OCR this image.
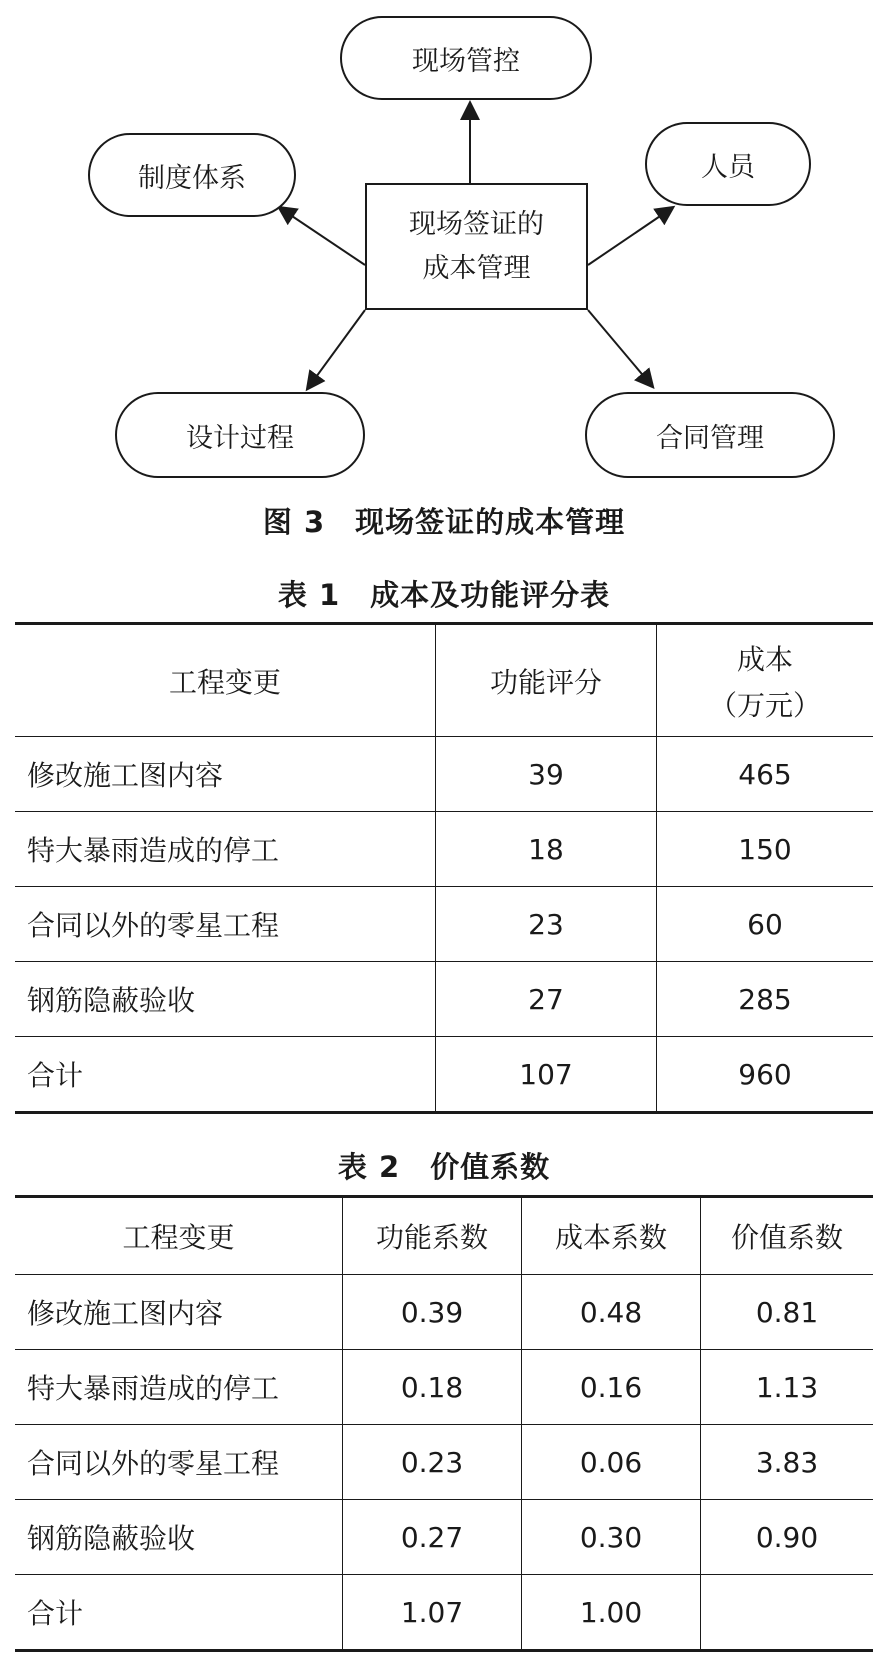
现场管控
制度体系	人员
现场签证的
成本管理
设计过程	合同管理
图 3　现场签证的成本管理
表 1　成本及功能评分表
工程变更	功能评分	成本
（万元）

修改施工图内容	39	465
特大暴雨造成的停工	18	150
合同以外的零星工程	23	60
钢筋隐蔽验收	27	285
合计	107	960
表 2　价值系数
工程变更	功能系数	成本系数	价值系数
修改施工图内容	0.39	0.48	0.81
特大暴雨造成的停工	0.18	0.16	1.13
合同以外的零星工程	0.23	0.06	3.83
钢筋隐蔽验收	0.27	0.30	0.90
合计	1.07	1.00	
